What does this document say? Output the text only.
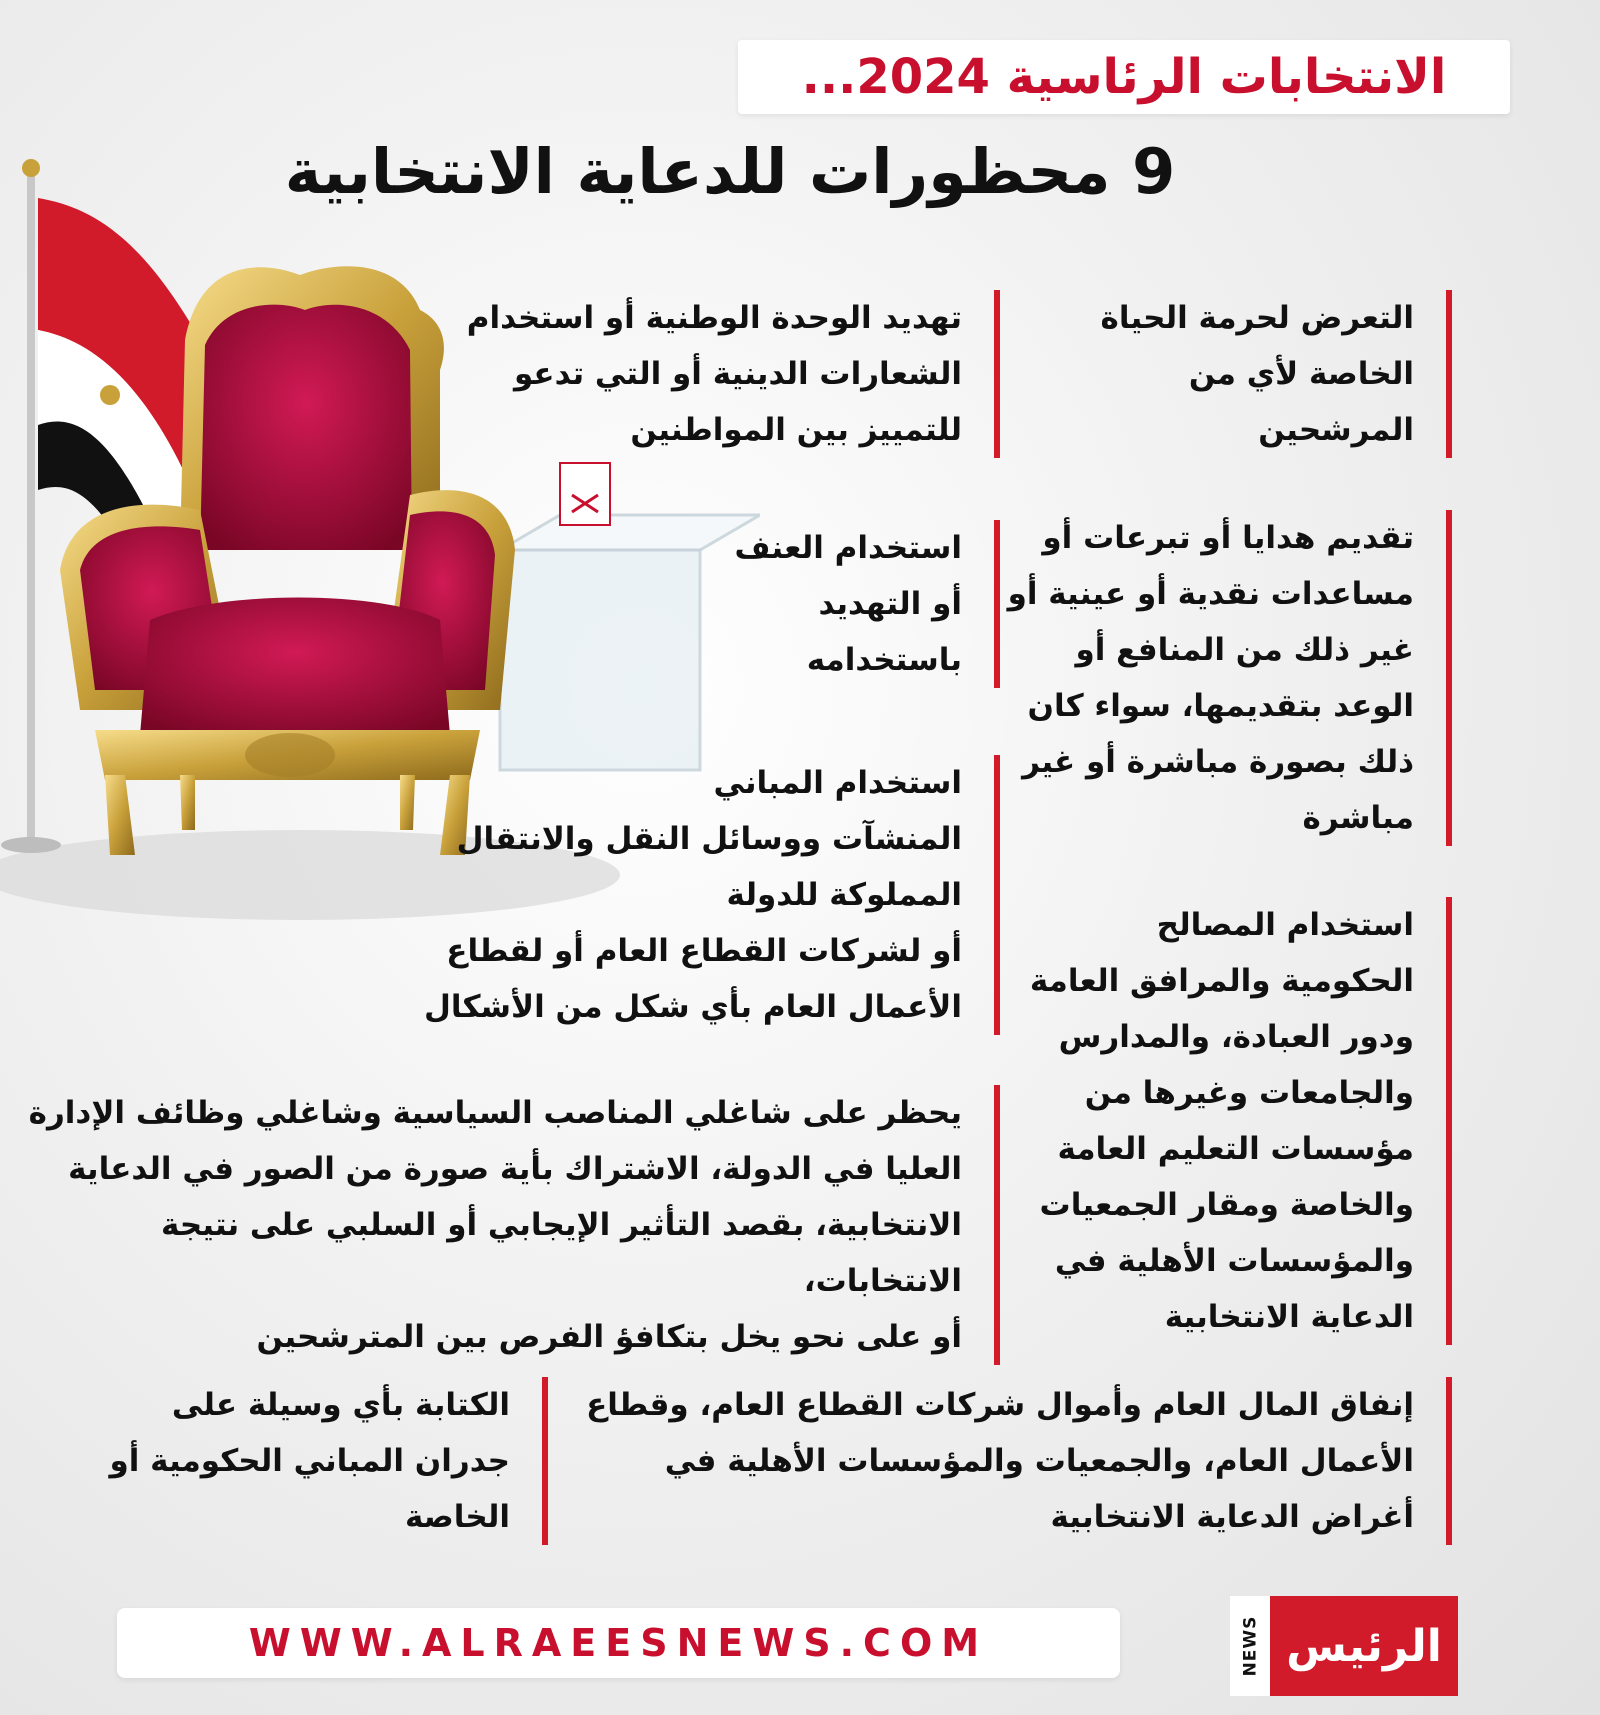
الانتخابات الرئاسية 2024...
9 محظورات للدعاية الانتخابية

التعرض لحرمة الحياة
الخاصة لأي من
المرشحين

تهديد الوحدة الوطنية أو استخدام
الشعارات الدينية أو التي تدعو
للتمييز بين المواطنين

تقديم هدايا أو تبرعات أو
مساعدات نقدية أو عينية أو
غير ذلك من المنافع أو
الوعد بتقديمها، سواء كان
ذلك بصورة مباشرة أو غير
مباشرة

استخدام العنف
أو التهديد
باستخدامه

استخدام المباني
المنشآت ووسائل النقل والانتقال
المملوكة للدولة
أو لشركات القطاع العام أو لقطاع
الأعمال العام بأي شكل من الأشكال

استخدام المصالح
الحكومية والمرافق العامة
ودور العبادة، والمدارس
والجامعات وغيرها من
مؤسسات التعليم العامة
والخاصة ومقار الجمعيات
والمؤسسات الأهلية في
الدعاية الانتخابية

يحظر على شاغلي المناصب السياسية وشاغلي وظائف الإدارة
العليا في الدولة، الاشتراك بأية صورة من الصور في الدعاية
الانتخابية، بقصد التأثير الإيجابي أو السلبي على نتيجة الانتخابات،
أو على نحو يخل بتكافؤ الفرص بين المترشحين

إنفاق المال العام وأموال شركات القطاع العام، وقطاع
الأعمال العام، والجمعيات والمؤسسات الأهلية في
أغراض الدعاية الانتخابية

الكتابة بأي وسيلة على
جدران المباني الحكومية أو
الخاصة

WWW.ALRAEESNEWS.COM	NEWS الرئيس
